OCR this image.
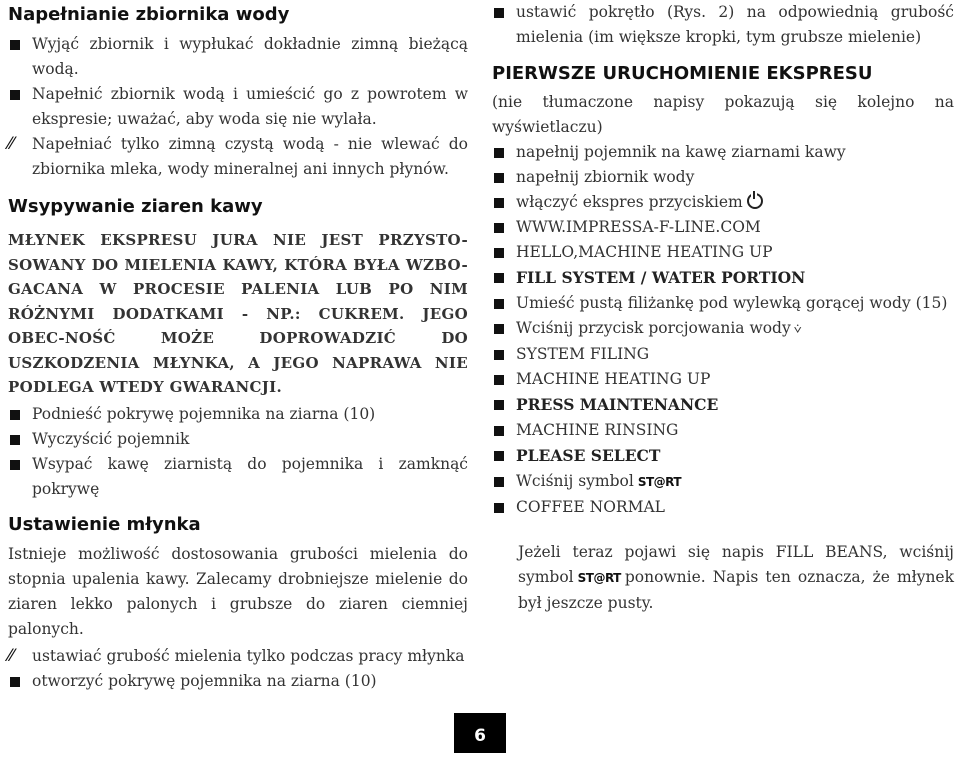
Napełnianie zbiornika wody
Wyjąć zbiornik i wypłukać dokładnie zimną bieżącą wodą.
Napełnić zbiornik wodą i umieścić go z powrotem w ekspresie; uważać, aby woda się nie wylała.
⁄⁄ Napełniać tylko zimną czystą wodą - nie wlewać do zbiornika mleka, wody mineralnej ani innych płynów.
Wsypywanie ziaren kawy
MŁYNEK EKSPRESU JURA NIE JEST PRZYSTO-SOWANY DO MIELENIA KAWY, KTÓRA BYŁA WZBO-GACANA W PROCESIE PALENIA LUB PO NIM RÓŻNYMI DODATKAMI - NP.: CUKREM. JEGO OBEC-NOŚĆ MOŻE DOPROWADZIĆ DO USZKODZENIA MŁYNKA, A JEGO NAPRAWA NIE PODLEGA WTEDY GWARANCJI.
Podnieść pokrywę pojemnika na ziarna (10)
Wyczyścić pojemnik
Wsypać kawę ziarnistą do pojemnika i zamknąć pokrywę
Ustawienie młynka
Istnieje możliwość dostosowania grubości mielenia do stopnia upalenia kawy. Zalecamy drobniejsze mielenie do ziaren lekko palonych i grubsze do ziaren ciemniej palonych.
⁄⁄ ustawiać grubość mielenia tylko podczas pracy młynka
otworzyć pokrywę pojemnika na ziarna (10)
ustawić pokrętło (Rys. 2) na odpowiednią grubość mielenia (im większe kropki, tym grubsze mielenie)
PIERWSZE URUCHOMIENIE EKSPRESU
(nie tłumaczone napisy pokazują się kolejno na wyświetlaczu)
napełnij pojemnik na kawę ziarnami kawy
napełnij zbiornik wody
włączyć ekspres przyciskiem
WWW.IMPRESSA-F-LINE.COM
HELLO,MACHINE HEATING UP
FILL SYSTEM / WATER PORTION
Umieść pustą filiżankę pod wylewką gorącej wody (15)
Wciśnij przycisk porcjowania wody ⩒
SYSTEM FILING
MACHINE HEATING UP
PRESS MAINTENANCE
MACHINE RINSING
PLEASE SELECT
Wciśnij symbol ST@RT
COFFEE NORMAL
Jeżeli teraz pojawi się napis FILL BEANS, wciśnij symbol ST@RT ponownie. Napis ten oznacza, że młynek był jeszcze pusty.
6
